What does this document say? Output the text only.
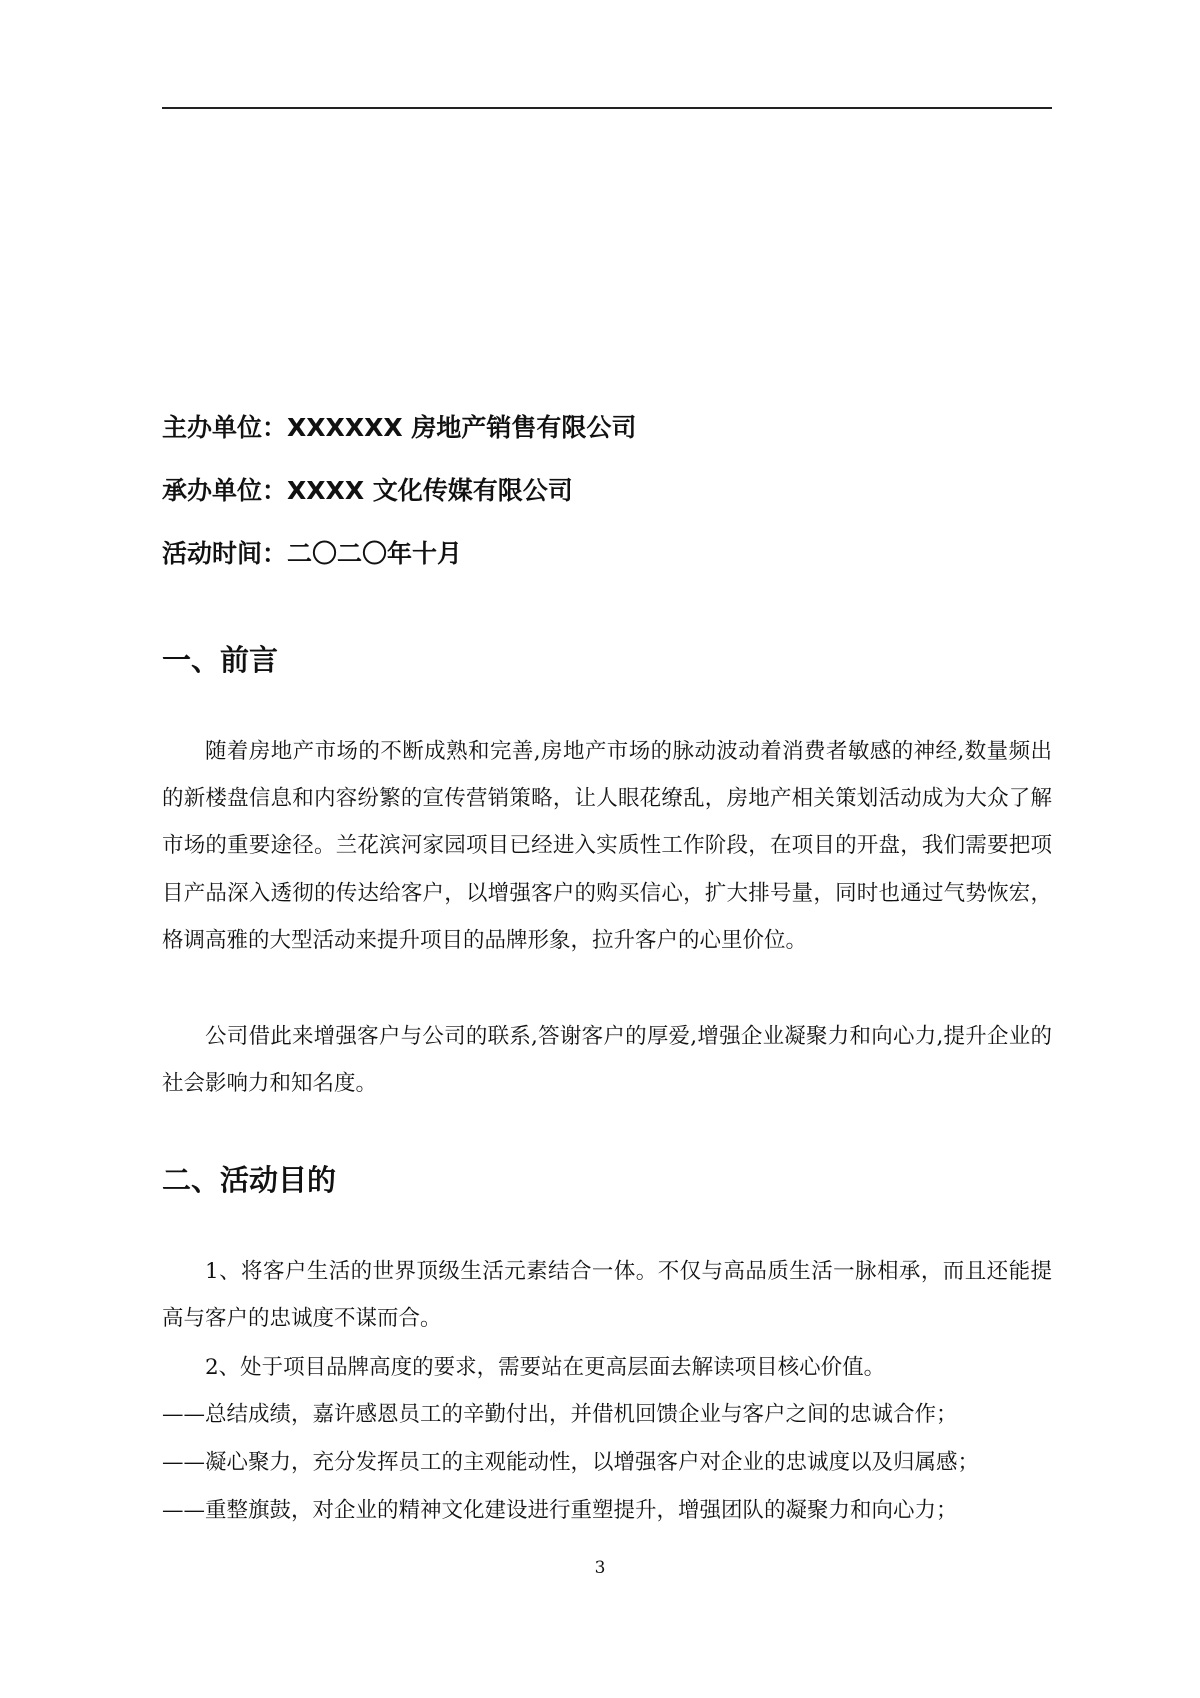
主办单位：XXXXXX 房地产销售有限公司
承办单位：XXXX 文化传媒有限公司
活动时间：二〇二〇年十月
一、前言
随着房地产市场的不断成熟和完善,房地产市场的脉动波动着消费者敏感的神经,数量频出的新楼盘信息和内容纷繁的宣传营销策略，让人眼花缭乱，房地产相关策划活动成为大众了解市场的重要途径。兰花滨河家园项目已经进入实质性工作阶段，在项目的开盘，我们需要把项目产品深入透彻的传达给客户，以增强客户的购买信心，扩大排号量，同时也通过气势恢宏，格调高雅的大型活动来提升项目的品牌形象，拉升客户的心里价位。
公司借此来增强客户与公司的联系,答谢客户的厚爱,增强企业凝聚力和向心力,提升企业的社会影响力和知名度。
二、活动目的
1、将客户生活的世界顶级生活元素结合一体。不仅与高品质生活一脉相承，而且还能提高与客户的忠诚度不谋而合。
2、处于项目品牌高度的要求，需要站在更高层面去解读项目核心价值。
——总结成绩，嘉许感恩员工的辛勤付出，并借机回馈企业与客户之间的忠诚合作；
——凝心聚力，充分发挥员工的主观能动性，以增强客户对企业的忠诚度以及归属感；
——重整旗鼓，对企业的精神文化建设进行重塑提升，增强团队的凝聚力和向心力；
3
